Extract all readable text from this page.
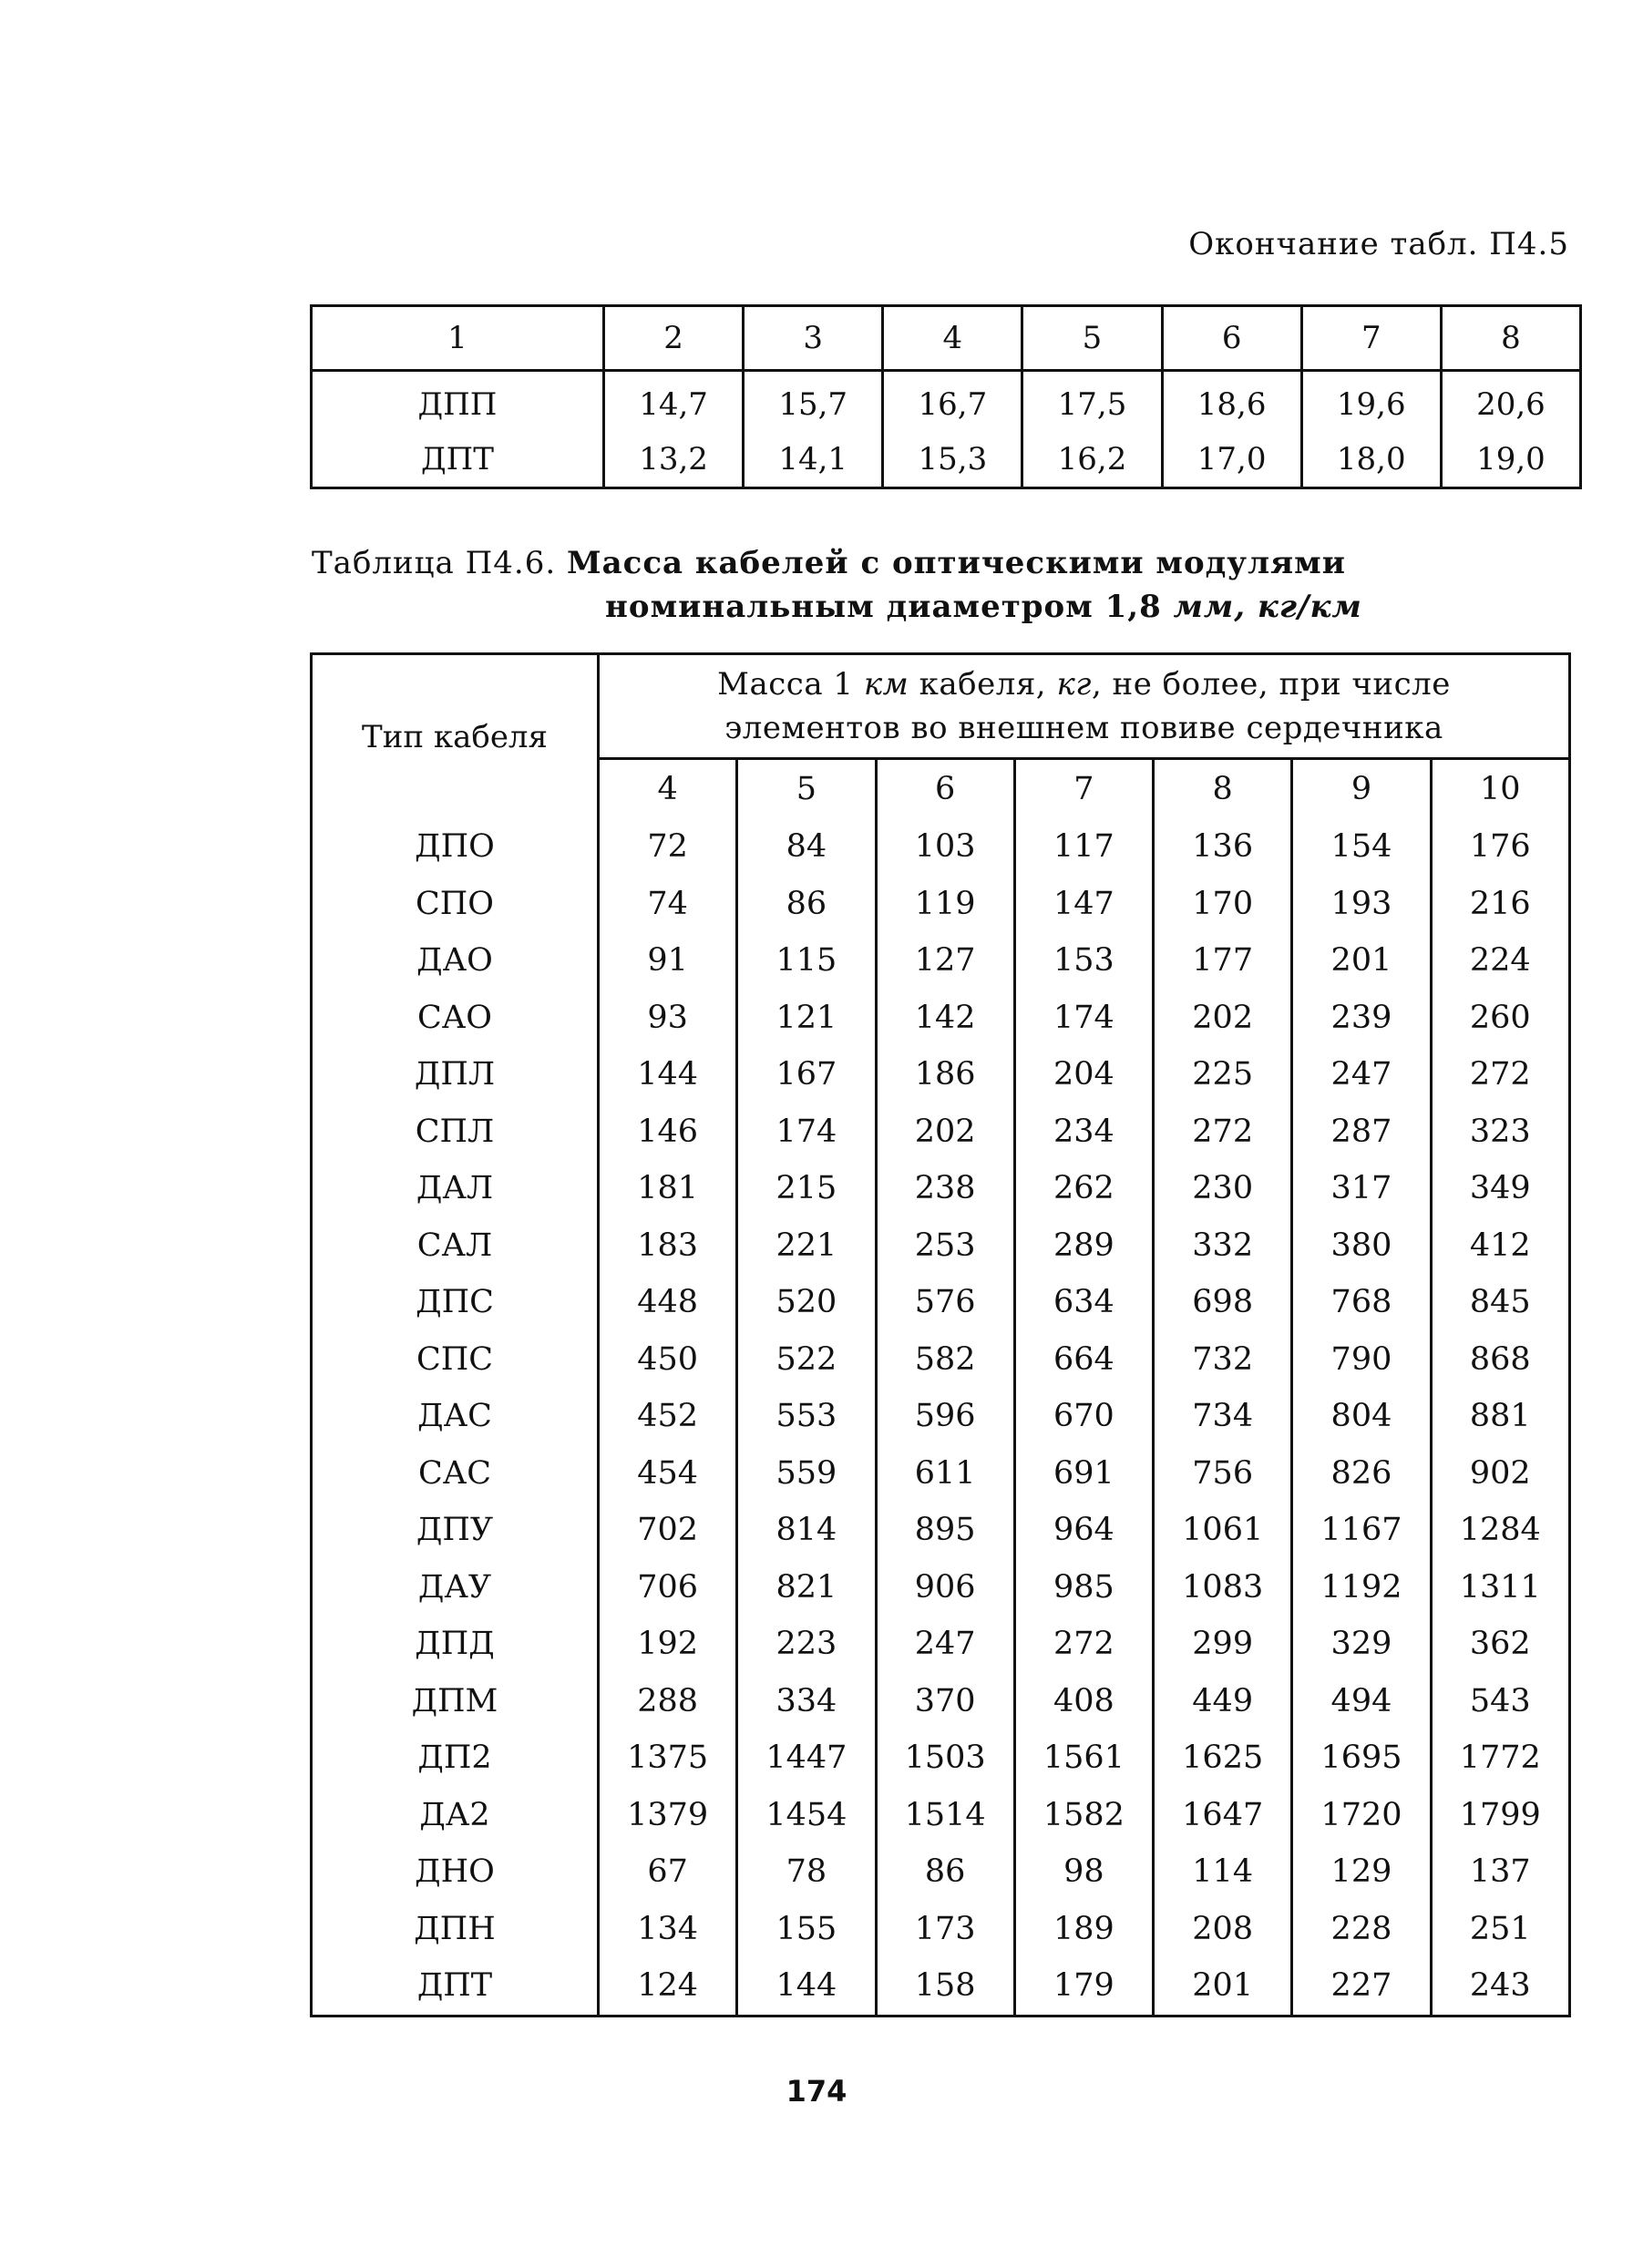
Окончание табл. П4.5
1	2	3	4	5	6	7	8
ДПП	14,7	15,7	16,7	17,5	18,6	19,6	20,6
ДПТ	13,2	14,1	15,3	16,2	17,0	18,0	19,0
Таблица П4.6. Масса кабелей с оптическими модулями
номинальным диаметром 1,8 мм, кг/км
Тип кабеля	Масса 1 км кабеля, кг, не более, при числе
элементов во внешнем повиве сердечника						
	4	5	6	7	8	9	10
ДПО	72	84	103	117	136	154	176
СПО	74	86	119	147	170	193	216
ДАО	91	115	127	153	177	201	224
САО	93	121	142	174	202	239	260
ДПЛ	144	167	186	204	225	247	272
СПЛ	146	174	202	234	272	287	323
ДАЛ	181	215	238	262	230	317	349
САЛ	183	221	253	289	332	380	412
ДПС	448	520	576	634	698	768	845
СПС	450	522	582	664	732	790	868
ДАС	452	553	596	670	734	804	881
САС	454	559	611	691	756	826	902
ДПУ	702	814	895	964	1061	1167	1284
ДАУ	706	821	906	985	1083	1192	1311
ДПД	192	223	247	272	299	329	362
ДПМ	288	334	370	408	449	494	543
ДП2	1375	1447	1503	1561	1625	1695	1772
ДА2	1379	1454	1514	1582	1647	1720	1799
ДНО	67	78	86	98	114	129	137
ДПН	134	155	173	189	208	228	251
ДПТ	124	144	158	179	201	227	243
174
